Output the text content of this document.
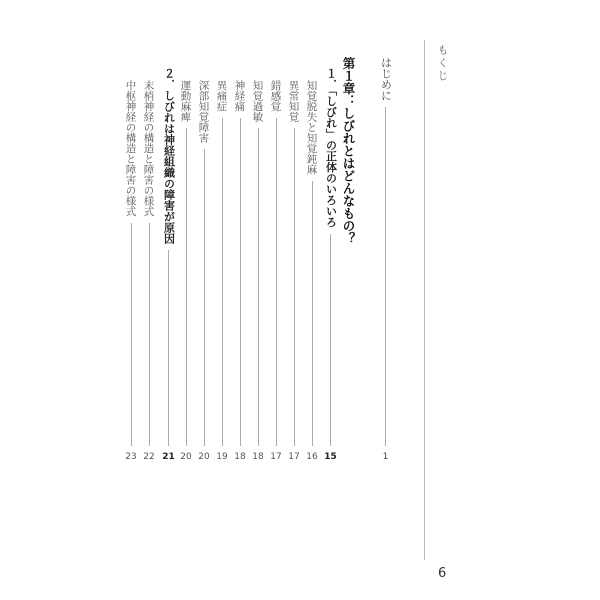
もくじ
はじめに
1
第１章：しびれとはどんなもの？
１．「しびれ」の正体のいろいろ
15
知覚脱失と知覚鈍麻
16
異常知覚
17
錯感覚
17
知覚過敏
18
神経痛
18
異痛症
19
深部知覚障害
20
運動麻痺
20
２．しびれは神経組織の障害が原因
21
末梢神経の構造と障害の様式
22
中枢神経の構造と障害の様式
23
6
